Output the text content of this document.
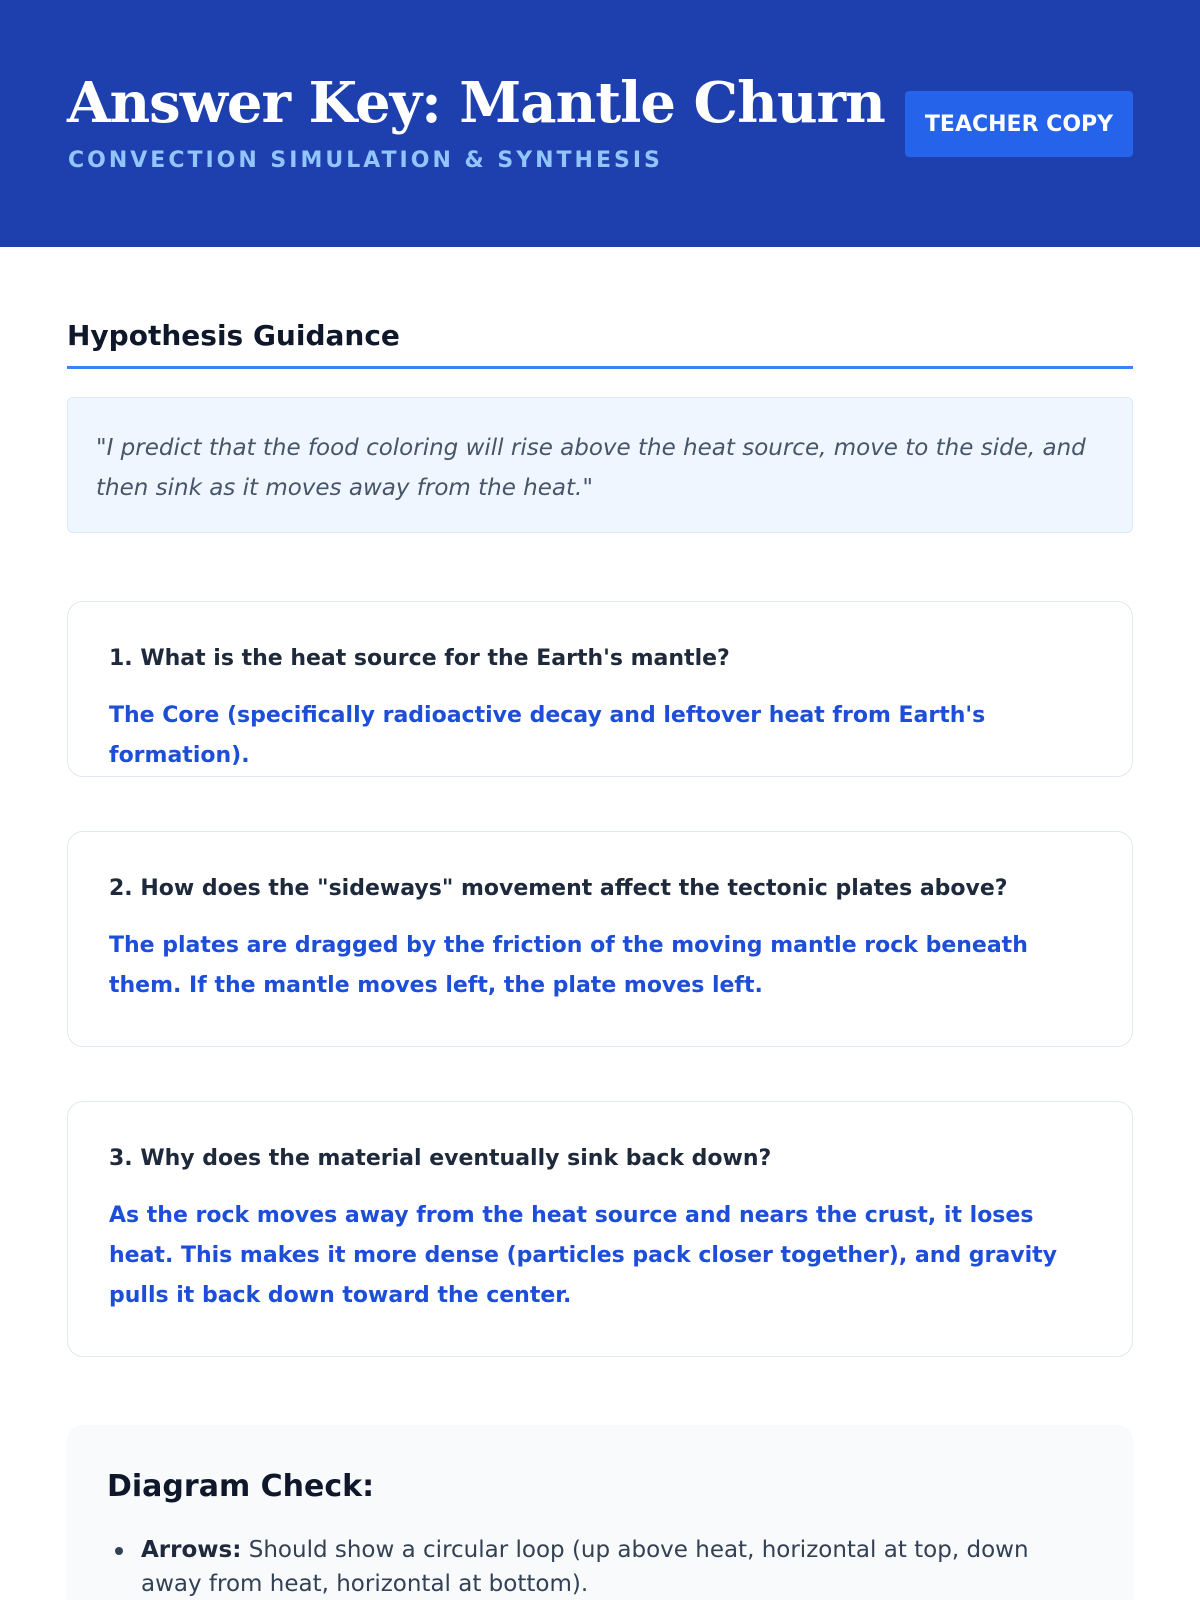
Answer Key: Mantle Churn
CONVECTION SIMULATION & SYNTHESIS
TEACHER COPY
Hypothesis Guidance

"I predict that the food coloring will rise above the heat source, move to the side, and then sink as it moves away from the heat."

1. What is the heat source for the Earth's mantle?

The Core (specifically radioactive decay and leftover heat from Earth's formation).

2. How does the "sideways" movement affect the tectonic plates above?

The plates are dragged by the friction of the moving mantle rock beneath them. If the mantle moves left, the plate moves left.

3. Why does the material eventually sink back down?

As the rock moves away from the heat source and nears the crust, it loses heat. This makes it more dense (particles pack closer together), and gravity pulls it back down toward the center.

Diagram Check:
Arrows: Should show a circular loop (up above heat, horizontal at top, down away from heat, horizontal at bottom).
